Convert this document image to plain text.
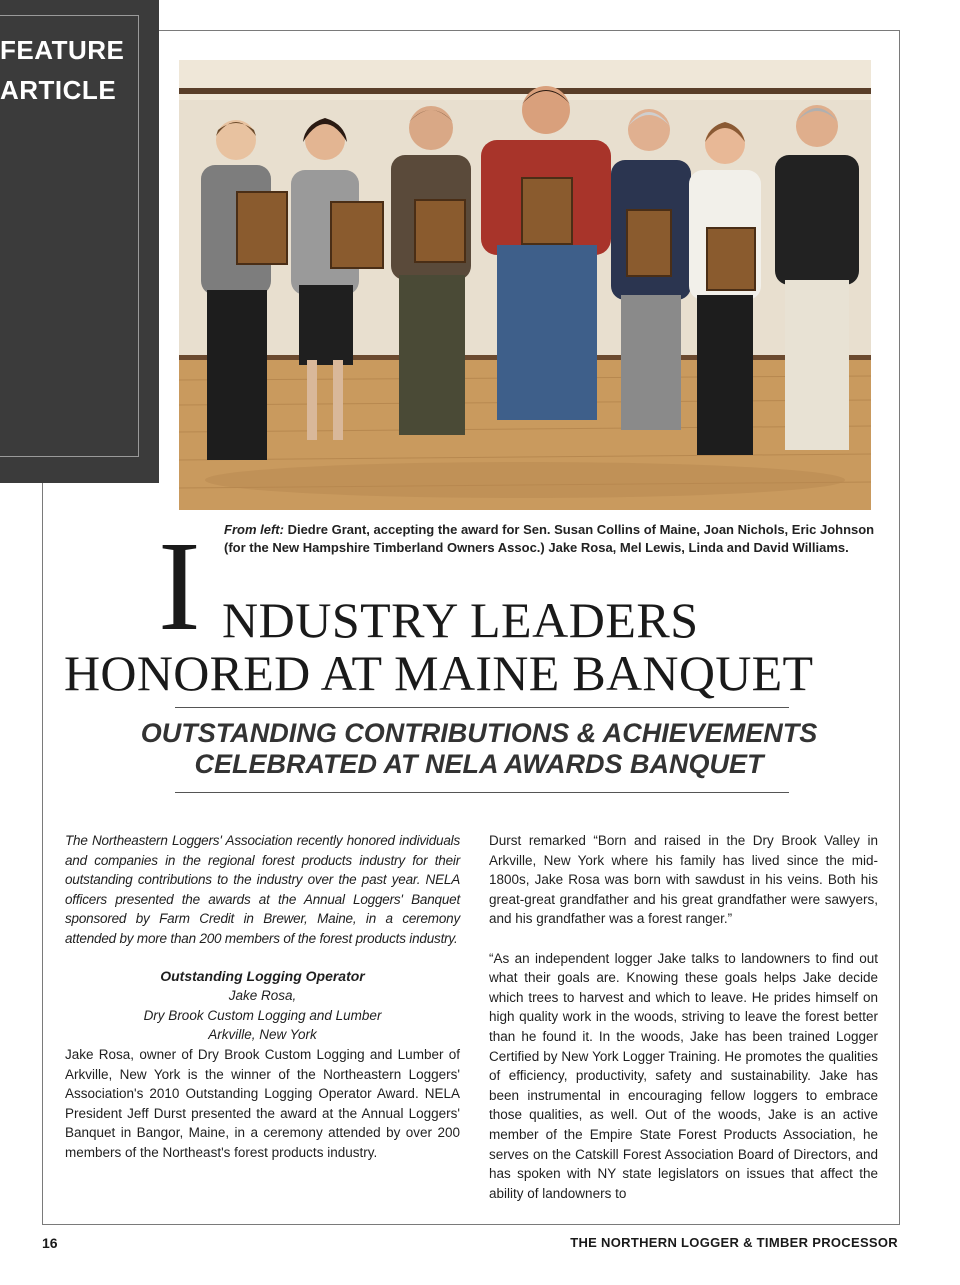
FEATURE
ARTICLE
I From left: Diedre Grant, accepting the award for Sen. Susan Collins of Maine, Joan Nichols, Eric Johnson (for the New Hampshire Timberland Owners Assoc.) Jake Rosa, Mel Lewis, Linda and David Williams.
NDUSTRY LEADERS
HONORED AT MAINE BANQUET
OUTSTANDING CONTRIBUTIONS & ACHIEVEMENTS
CELEBRATED AT NELA AWARDS BANQUET

The Northeastern Loggers' Association recently honored individuals and companies in the regional forest products industry for their outstanding contributions to the industry over the past year. NELA officers presented the awards at the Annual Loggers' Banquet sponsored by Farm Credit in Brewer, Maine, in a ceremony attended by more than 200 members of the forest products industry.

Outstanding Logging Operator
Jake Rosa,
Dry Brook Custom Logging and Lumber
Arkville, New York

Jake Rosa, owner of Dry Brook Custom Logging and Lumber of Arkville, New York is the winner of the Northeastern Loggers' Association's 2010 Outstanding Logging Operator Award. NELA President Jeff Durst presented the award at the Annual Loggers' Banquet in Bangor, Maine, in a ceremony attended by over 200 members of the Northeast's forest products industry.

Durst remarked “Born and raised in the Dry Brook Valley in Arkville, New York where his family has lived since the mid-1800s, Jake Rosa was born with sawdust in his veins. Both his great-great grandfather and his great grandfather were sawyers, and his grandfather was a forest ranger.”

“As an independent logger Jake talks to landowners to find out what their goals are. Knowing these goals helps Jake decide which trees to harvest and which to leave. He prides himself on high quality work in the woods, striving to leave the forest better than he found it. In the woods, Jake has been trained Logger Certified by New York Logger Training. He promotes the qualities of efficiency, productivity, safety and sustainability. Jake has been instrumental in encouraging fellow loggers to embrace those qualities, as well. Out of the woods, Jake is an active member of the Empire State Forest Products Association, he serves on the Catskill Forest Association Board of Directors, and has spoken with NY state legislators on issues that affect the ability of landowners to

16	THE NORTHERN LOGGER & TIMBER PROCESSOR
